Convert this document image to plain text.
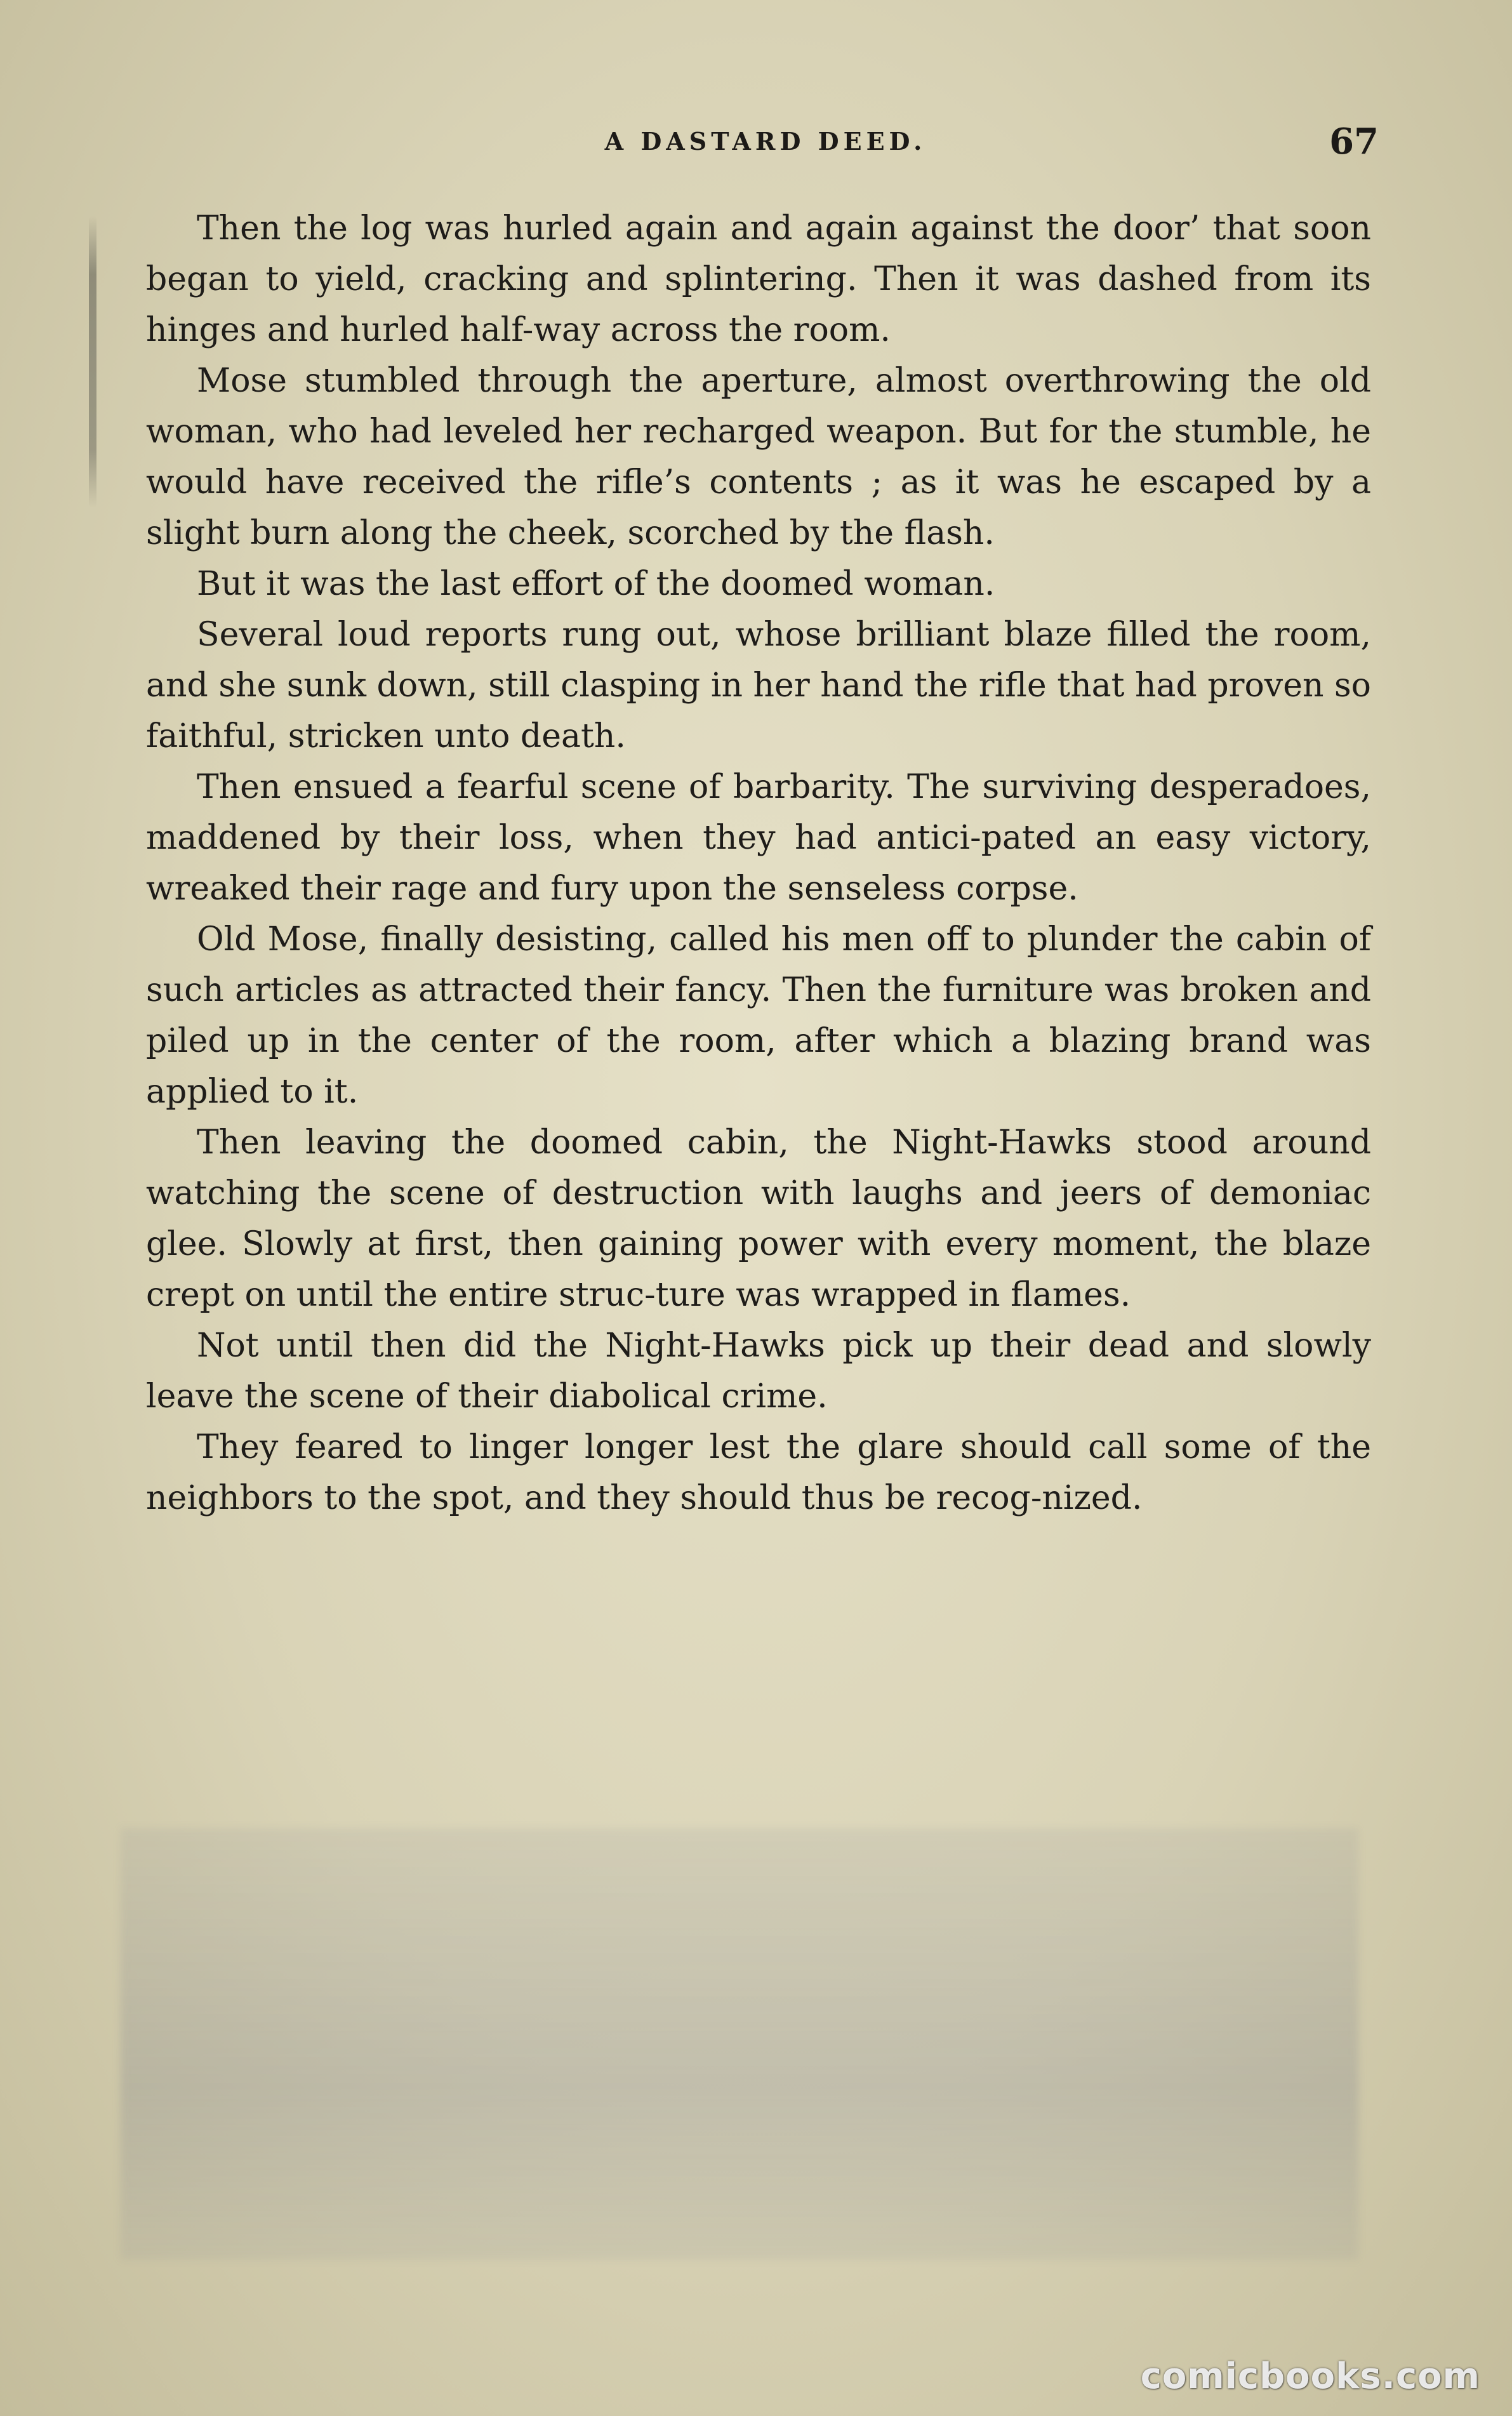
A DASTARD DEED.	67

Then the log was hurled again and again against the door’ that soon began to yield, cracking and splintering. Then it was dashed from its hinges and hurled half-way across the room.

Mose stumbled through the aperture, almost overthrowing the old woman, who had leveled her recharged weapon. But for the stumble, he would have received the rifle’s contents ; as it was he escaped by a slight burn along the cheek, scorched by the flash.

But it was the last effort of the doomed woman.

Several loud reports rung out, whose brilliant blaze filled the room, and she sunk down, still clasping in her hand the rifle that had proven so faithful, stricken unto death.

Then ensued a fearful scene of barbarity. The surviving desperadoes, maddened by their loss, when they had antici-pated an easy victory, wreaked their rage and fury upon the senseless corpse.

Old Mose, finally desisting, called his men off to plunder the cabin of such articles as attracted their fancy. Then the furniture was broken and piled up in the center of the room, after which a blazing brand was applied to it.

Then leaving the doomed cabin, the Night-Hawks stood around watching the scene of destruction with laughs and jeers of demoniac glee. Slowly at first, then gaining power with every moment, the blaze crept on until the entire struc-ture was wrapped in flames.

Not until then did the Night-Hawks pick up their dead and slowly leave the scene of their diabolical crime.

They feared to linger longer lest the glare should call some of the neighbors to the spot, and they should thus be recog-nized.

comicbooks.com
